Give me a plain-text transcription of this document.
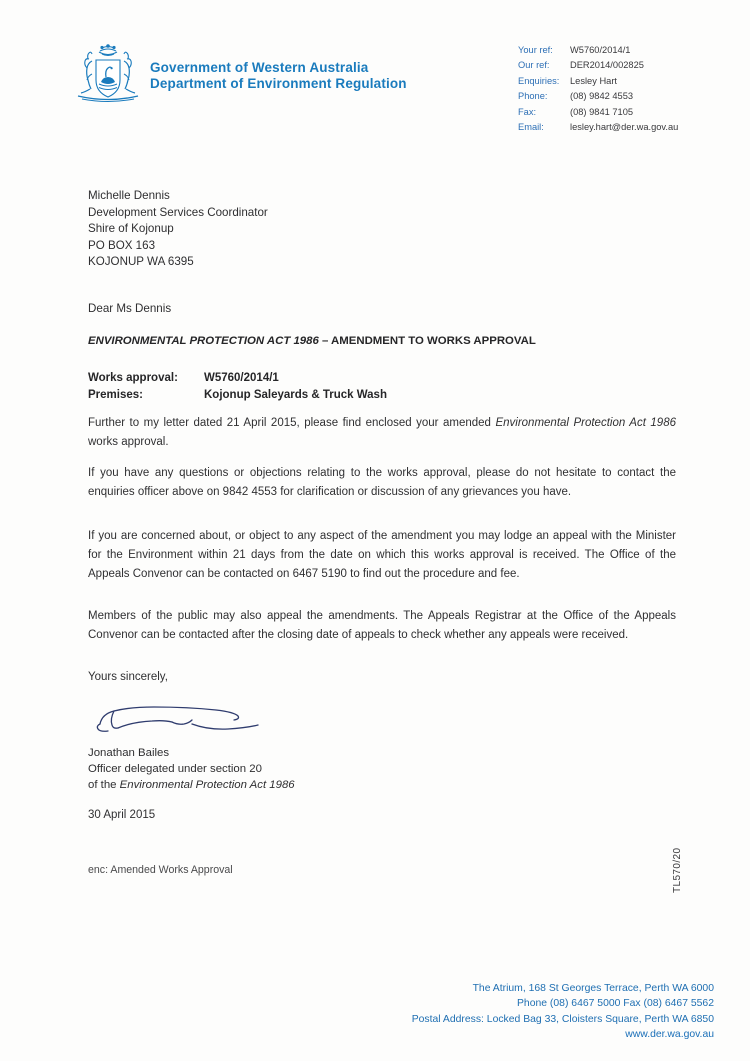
Government of Western Australia
Department of Environment Regulation
Your ref:	W5760/2014/1
Our ref:	DER2014/002825
Enquiries:	Lesley Hart
Phone:	(08) 9842 4553
Fax:	(08) 9841 7105
Email:	lesley.hart@der.wa.gov.au
Michelle Dennis
Development Services Coordinator
Shire of Kojonup
PO BOX 163
KOJONUP WA 6395
Dear Ms Dennis
ENVIRONMENTAL PROTECTION ACT 1986 – AMENDMENT TO WORKS APPROVAL
Works approval:	W5760/2014/1
Premises:	Kojonup Saleyards & Truck Wash

Further to my letter dated 21 April 2015, please find enclosed your amended Environmental Protection Act 1986 works approval.

If you have any questions or objections relating to the works approval, please do not hesitate to contact the enquiries officer above on 9842 4553 for clarification or discussion of any grievances you have.

If you are concerned about, or object to any aspect of the amendment you may lodge an appeal with the Minister for the Environment within 21 days from the date on which this works approval is received. The Office of the Appeals Convenor can be contacted on 6467 5190 to find out the procedure and fee.

Members of the public may also appeal the amendments. The Appeals Registrar at the Office of the Appeals Convenor can be contacted after the closing date of appeals to check whether any appeals were received.

Yours sincerely,
Jonathan Bailes
Officer delegated under section 20
of the Environmental Protection Act 1986
30 April 2015
enc: Amended Works Approval	TL570/20
The Atrium, 168 St Georges Terrace, Perth WA 6000
Phone (08) 6467 5000 Fax (08) 6467 5562
Postal Address: Locked Bag 33, Cloisters Square, Perth WA 6850
www.der.wa.gov.au
